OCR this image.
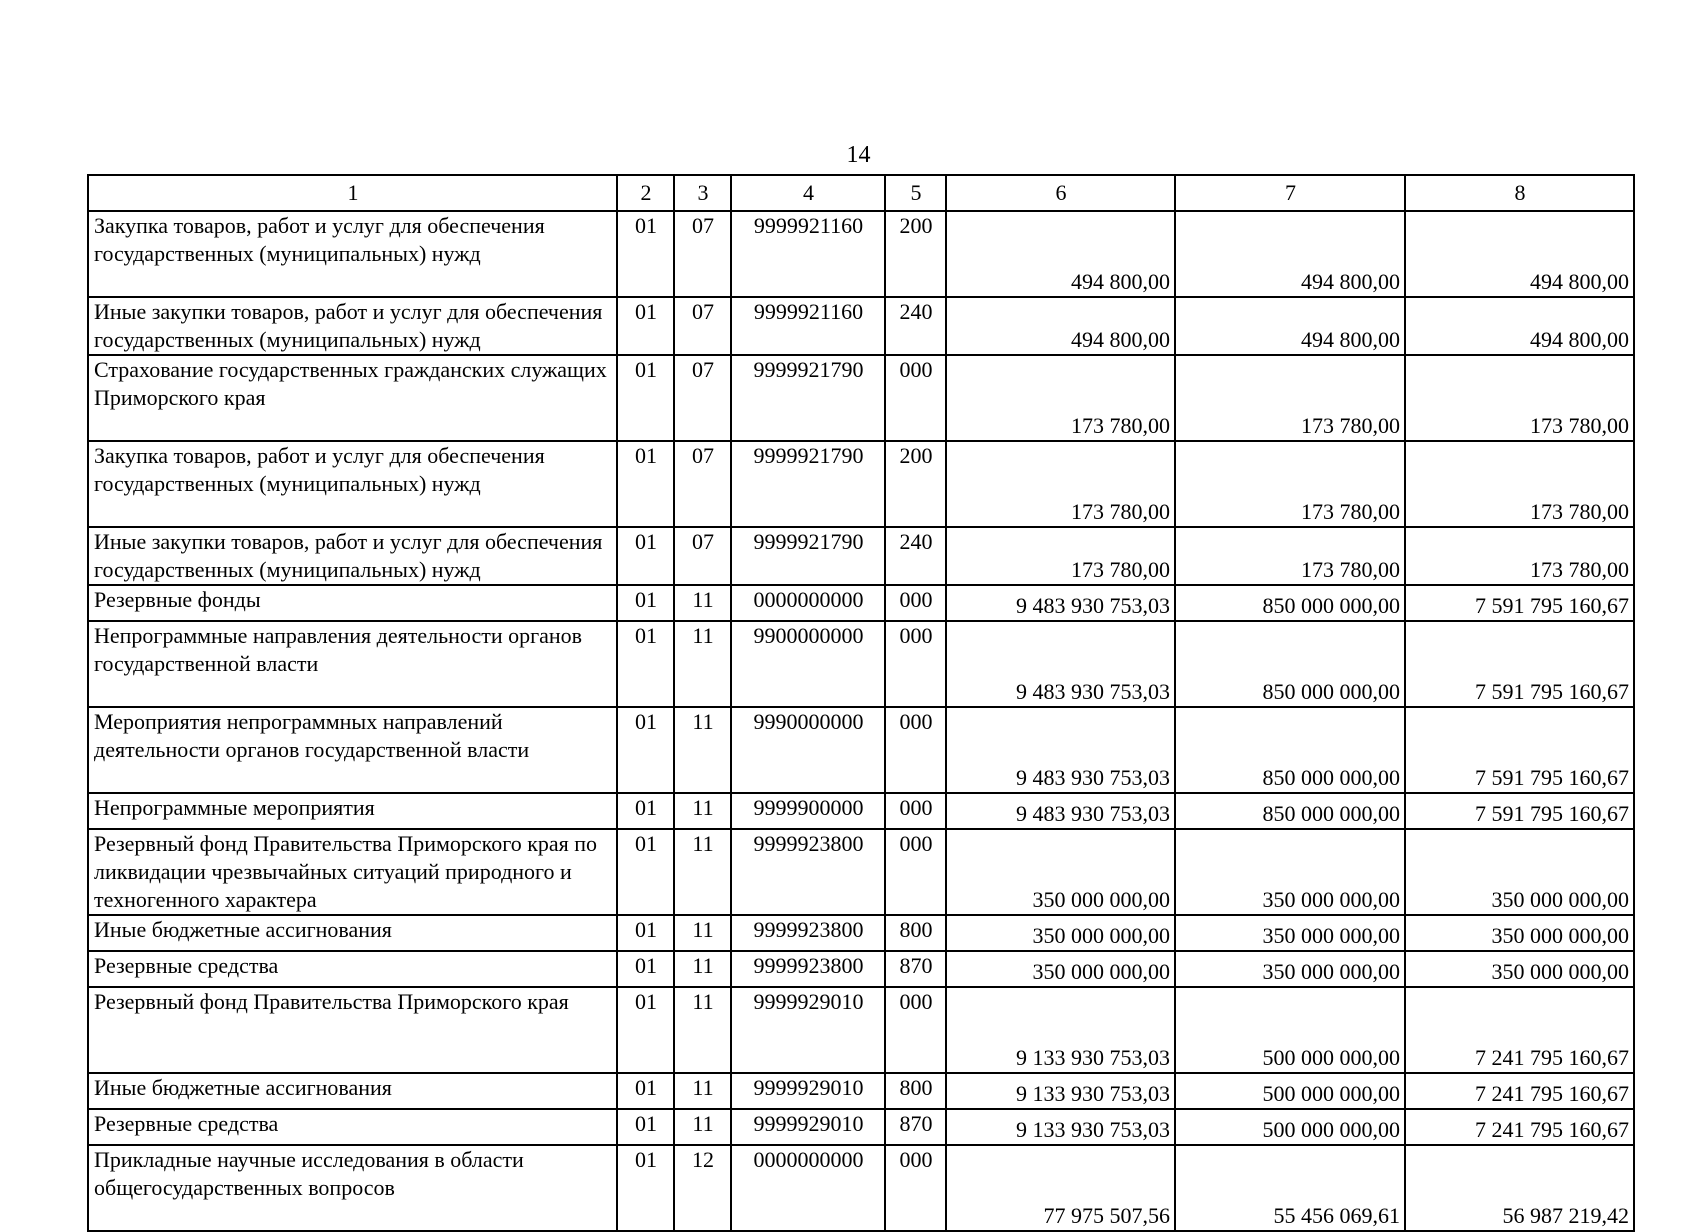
14
1	2	3	4	5	6	7	8
Закупка товаров, работ и услуг для обеспечения государственных (муниципальных) нужд	01	07	9999921160	200	494 800,00	494 800,00	494 800,00
Иные закупки товаров, работ и услуг для обеспечения государственных (муниципальных) нужд	01	07	9999921160	240	494 800,00	494 800,00	494 800,00
Страхование государственных гражданских служащих Приморского края	01	07	9999921790	000	173 780,00	173 780,00	173 780,00
Закупка товаров, работ и услуг для обеспечения государственных (муниципальных) нужд	01	07	9999921790	200	173 780,00	173 780,00	173 780,00
Иные закупки товаров, работ и услуг для обеспечения государственных (муниципальных) нужд	01	07	9999921790	240	173 780,00	173 780,00	173 780,00
Резервные фонды	01	11	0000000000	000	9 483 930 753,03	850 000 000,00	7 591 795 160,67
Непрограммные направления деятельности органов государственной власти	01	11	9900000000	000	9 483 930 753,03	850 000 000,00	7 591 795 160,67
Мероприятия непрограммных направлений деятельности органов государственной власти	01	11	9990000000	000	9 483 930 753,03	850 000 000,00	7 591 795 160,67
Непрограммные мероприятия	01	11	9999900000	000	9 483 930 753,03	850 000 000,00	7 591 795 160,67
Резервный фонд Правительства Приморского края по ликвидации чрезвычайных ситуаций природного и техногенного характера	01	11	9999923800	000	350 000 000,00	350 000 000,00	350 000 000,00
Иные бюджетные ассигнования	01	11	9999923800	800	350 000 000,00	350 000 000,00	350 000 000,00
Резервные средства	01	11	9999923800	870	350 000 000,00	350 000 000,00	350 000 000,00
Резервный фонд Правительства Приморского края	01	11	9999929010	000	9 133 930 753,03	500 000 000,00	7 241 795 160,67
Иные бюджетные ассигнования	01	11	9999929010	800	9 133 930 753,03	500 000 000,00	7 241 795 160,67
Резервные средства	01	11	9999929010	870	9 133 930 753,03	500 000 000,00	7 241 795 160,67
Прикладные научные исследования в области общегосударственных вопросов	01	12	0000000000	000	77 975 507,56	55 456 069,61	56 987 219,42
